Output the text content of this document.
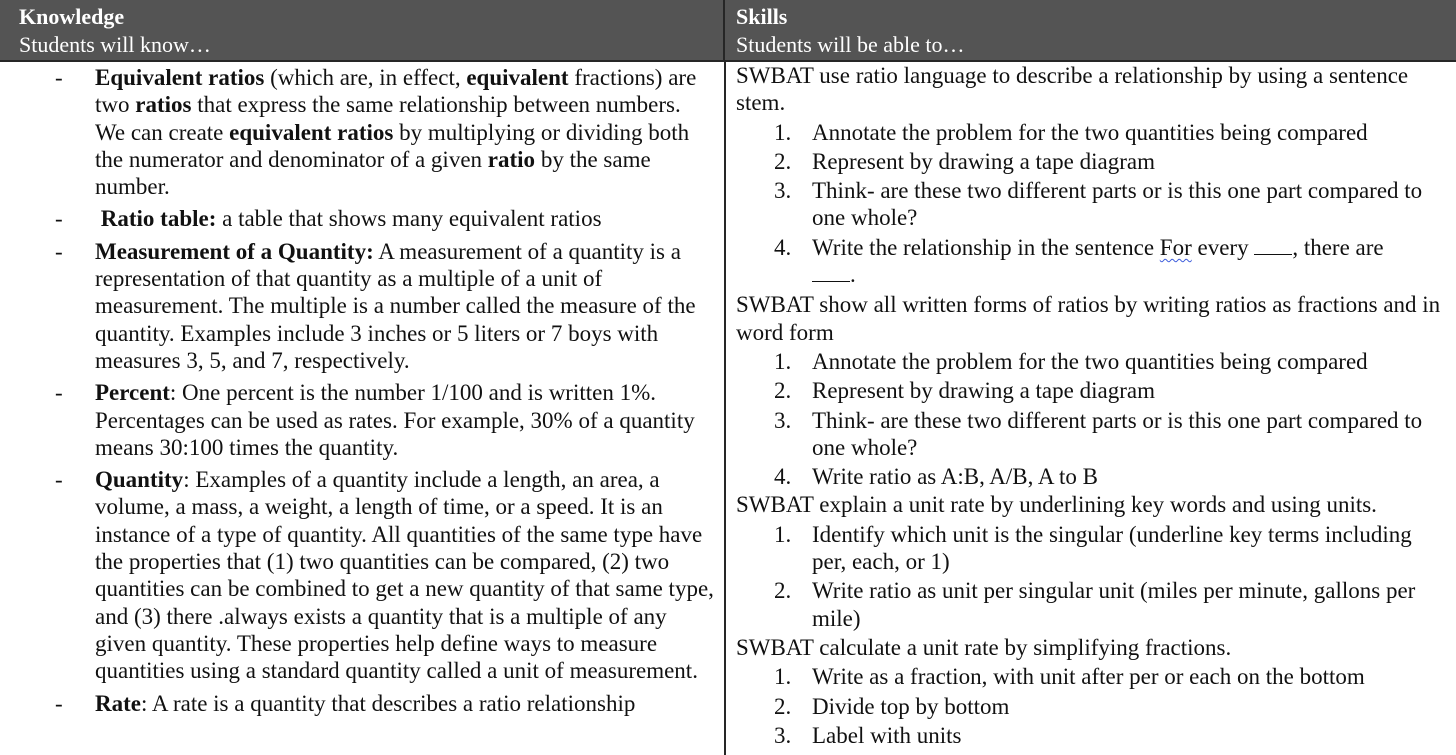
Knowledge
Students will know…
Skills
Students will be able to…
- Equivalent ratios (which are, in effect, equivalent fractions) are two ratios that express the same relationship between numbers. We can create equivalent ratios by multiplying or dividing both the numerator and denominator of a given ratio by the same number.
- Ratio table: a table that shows many equivalent ratios
- Measurement of a Quantity: A measurement of a quantity is a representation of that quantity as a multiple of a unit of measurement. The multiple is a number called the measure of the quantity. Examples include 3 inches or 5 liters or 7 boys with measures 3, 5, and 7, respectively.
- Percent: One percent is the number 1/100 and is written 1%. Percentages can be used as rates. For example, 30% of a quantity means 30:100 times the quantity.
- Quantity: Examples of a quantity include a length, an area, a volume, a mass, a weight, a length of time, or a speed. It is an instance of a type of quantity. All quantities of the same type have the properties that (1) two quantities can be compared, (2) two quantities can be combined to get a new quantity of that same type, and (3) there .always exists a quantity that is a multiple of any given quantity. These properties help define ways to measure quantities using a standard quantity called a unit of measurement.
- Rate: A rate is a quantity that describes a ratio relationship
SWBAT use ratio language to describe a relationship by using a sentence stem.
1. Annotate the problem for the two quantities being compared
2. Represent by drawing a tape diagram
3. Think- are these two different parts or is this one part compared to one whole?
4. Write the relationship in the sentence For every , there are
.
SWBAT show all written forms of ratios by writing ratios as fractions and in word form
1. Annotate the problem for the two quantities being compared
2. Represent by drawing a tape diagram
3. Think- are these two different parts or is this one part compared to one whole?
4. Write ratio as A:B, A/B, A to B
SWBAT explain a unit rate by underlining key words and using units.
1. Identify which unit is the singular (underline key terms including per, each, or 1)
2. Write ratio as unit per singular unit (miles per minute, gallons per mile)
SWBAT calculate a unit rate by simplifying fractions.
1. Write as a fraction, with unit after per or each on the bottom
2. Divide top by bottom
3. Label with units
